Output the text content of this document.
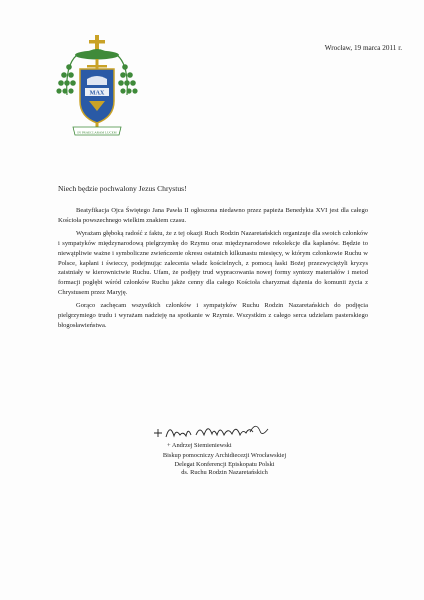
MAX
IN PRAECLARAM LUCEM
Wrocław, 19 marca 2011 r.
Niech będzie pochwalony Jezus Chrystus!

Beatyfikacja Ojca Świętego Jana Pawła II ogłoszona niedawno przez papieża Benedykta XVI jest dla całego Kościoła powszechnego wielkim znakiem czasu.

Wyrażam głęboką radość z faktu, że z tej okazji Ruch Rodzin Nazaretańskich organizuje dla swoich członków i sympatyków międzynarodową pielgrzymkę do Rzymu oraz międzynarodowe rekolekcje dla kapłanów. Będzie to niewątpliwie ważne i symboliczne zwieńczenie okresu ostatnich kilkunastu miesięcy, w którym członkowie Ruchu w Polsce, kapłani i świeccy, podejmując zalecenia władz kościelnych, z pomocą łaski Bożej przezwyciężyli kryzys zaistniały w kierownictwie Ruchu. Ufam, że podjęty trud wypracowania nowej formy syntezy materiałów i metod formacji pogłębi wśród członków Ruchu jakże cenny dla całego Kościoła charyzmat dążenia do komunii życia z Chrystusem przez Maryję.

Gorąco zachęcam wszystkich członków i sympatyków Ruchu Rodzin Nazaretańskich do podjęcia pielgrzymiego trudu i wyrażam nadzieję na spotkanie w Rzymie. Wszystkim z całego serca udzielam pasterskiego błogosławieństwa.

+ Andrzej Siemieniewski
Biskup pomocniczy Archidiecezji Wrocławskiej
Delegat Konferencji Episkopatu Polski
ds. Ruchu Rodzin Nazaretańskich
